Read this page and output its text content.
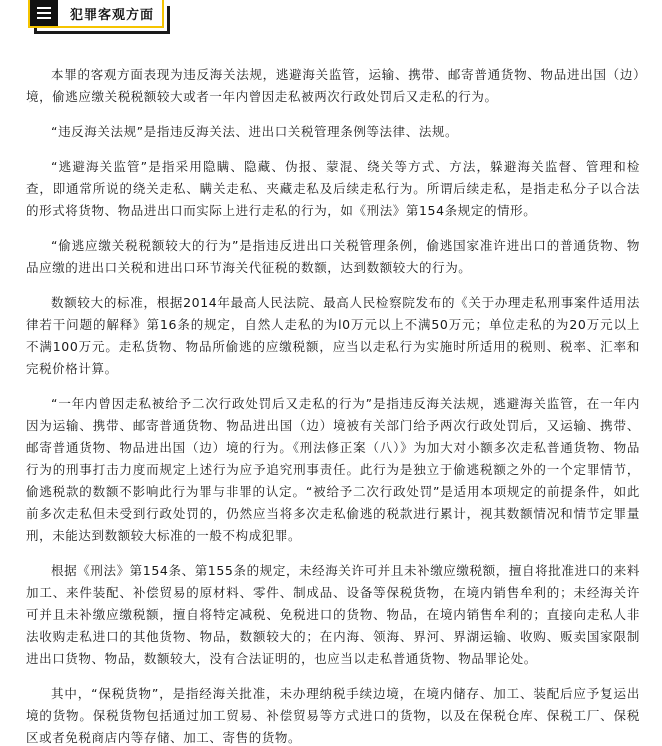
犯罪客观方面

本罪的客观方面表现为违反海关法规，逃避海关监管，运输、携带、邮寄普通货物、物品进出国（边）境，偷逃应缴关税税额较大或者一年内曾因走私被两次行政处罚后又走私的行为。

“违反海关法规”是指违反海关法、进出口关税管理条例等法律、法规。

“逃避海关监管”是指采用隐瞒、隐藏、伪报、蒙混、绕关等方式、方法，躲避海关监督、管理和检查，即通常所说的绕关走私、瞒关走私、夹藏走私及后续走私行为。所谓后续走私，是指走私分子以合法的形式将货物、物品进出口而实际上进行走私的行为，如《刑法》第154条规定的情形。

“偷逃应缴关税税额较大的行为”是指违反进出口关税管理条例，偷逃国家准许进出口的普通货物、物品应缴的进出口关税和进出口环节海关代征税的数额，达到数额较大的行为。

数额较大的标准，根据2014年最高人民法院、最高人民检察院发布的《关于办理走私刑事案件适用法律若干问题的解释》第16条的规定，自然人走私的为l0万元以上不满50万元；单位走私的为20万元以上不满100万元。走私货物、物品所偷逃的应缴税额，应当以走私行为实施时所适用的税则、税率、汇率和完税价格计算。

“一年内曾因走私被给予二次行政处罚后又走私的行为”是指违反海关法规，逃避海关监管，在一年内因为运输、携带、邮寄普通货物、物品进出国（边）境被有关部门给予两次行政处罚后，又运输、携带、邮寄普通货物、物品进出国（边）境的行为。《刑法修正案（八）》为加大对小额多次走私普通货物、物品行为的刑事打击力度而规定上述行为应予追究刑事责任。此行为是独立于偷逃税额之外的一个定罪情节，偷逃税款的数额不影响此行为罪与非罪的认定。“被给予二次行政处罚”是适用本项规定的前提条件，如此前多次走私但未受到行政处罚的，仍然应当将多次走私偷逃的税款进行累计，视其数额情况和情节定罪量刑，未能达到数额较大标准的一般不构成犯罪。

根据《刑法》第154条、第155条的规定，未经海关许可并且未补缴应缴税额，擅自将批准进口的来料加工、来件装配、补偿贸易的原材料、零件、制成品、设备等保税货物，在境内销售牟利的；未经海关许可并且未补缴应缴税额，擅自将特定减税、免税进口的货物、物品，在境内销售牟利的；直接向走私人非法收购走私进口的其他货物、物品，数额较大的；在内海、领海、界河、界湖运输、收购、贩卖国家限制进出口货物、物品，数额较大，没有合法证明的，也应当以走私普通货物、物品罪论处。

其中，“保税货物”，是指经海关批准，未办理纳税手续边境，在境内储存、加工、装配后应予复运出境的货物。保税货物包括通过加工贸易、补偿贸易等方式进口的货物，以及在保税仓库、保税工厂、保税区或者免税商店内等存储、加工、寄售的货物。
